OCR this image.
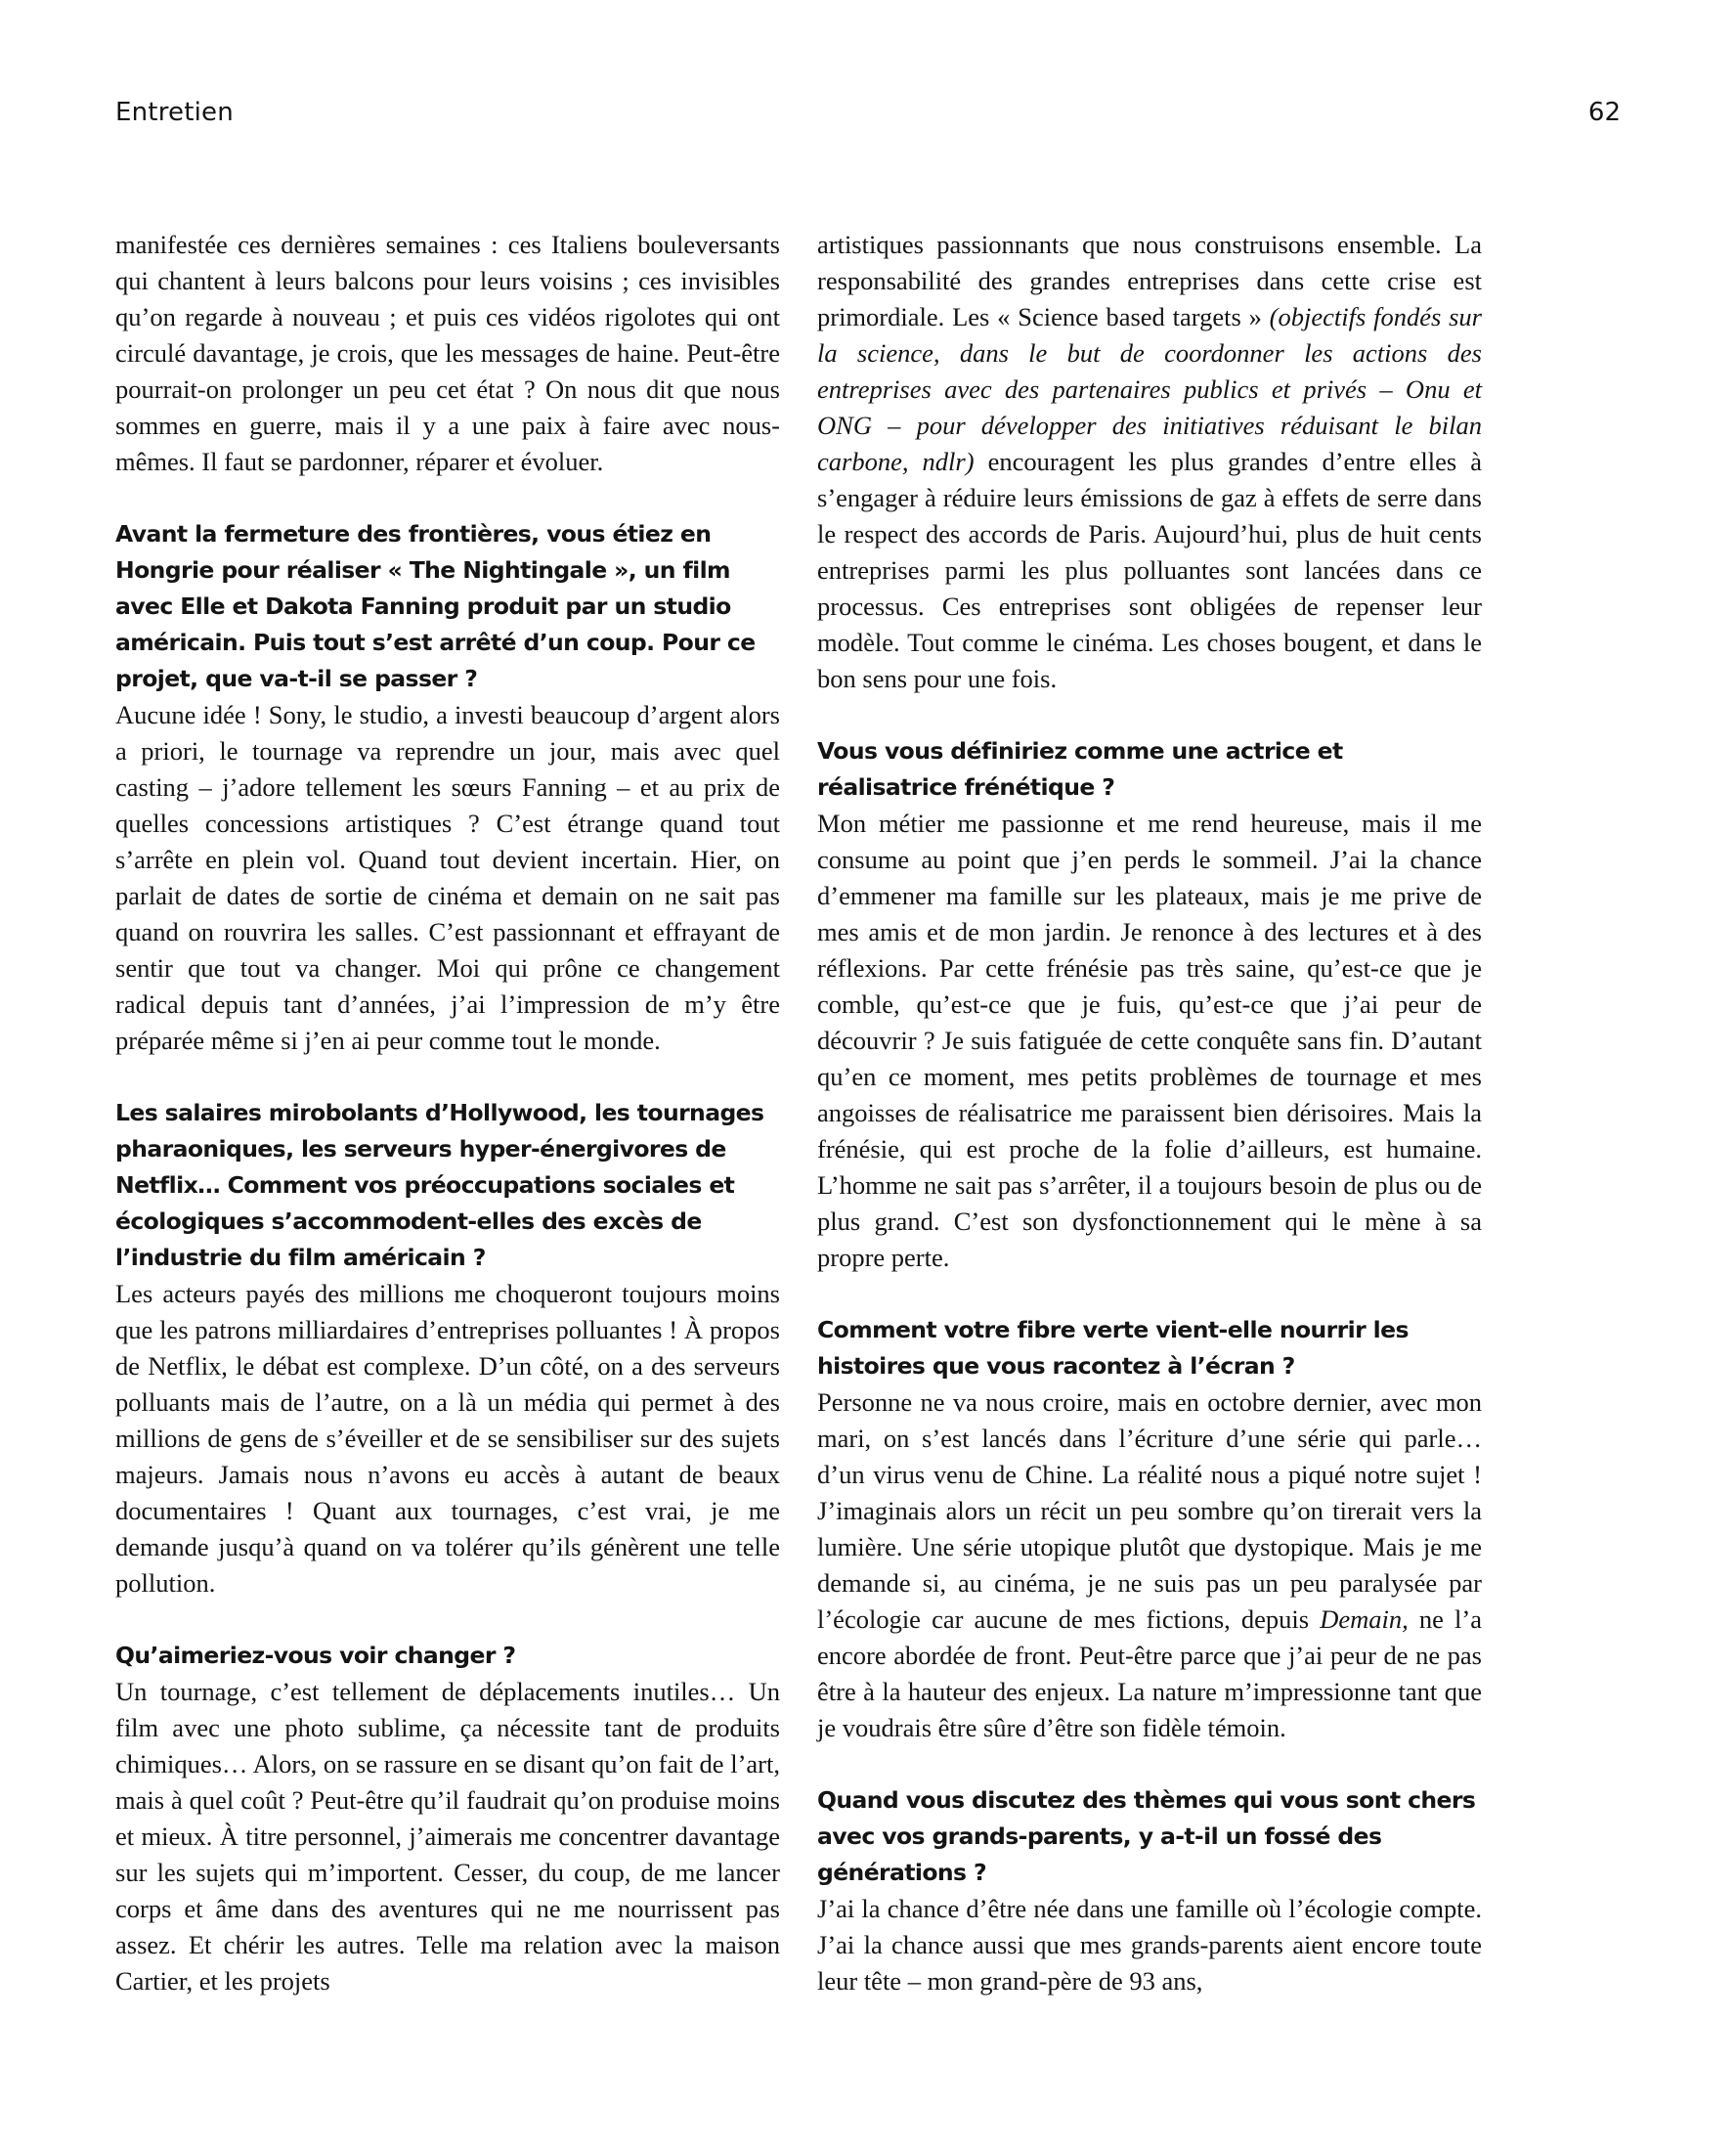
Entretien	62

manifestée ces dernières semaines : ces Italiens bouleversants qui chantent à leurs balcons pour leurs voisins ; ces invisibles qu’on regarde à nouveau ; et puis ces vidéos rigolotes qui ont circulé davantage, je crois, que les messages de haine. Peut-être pourrait-on prolonger un peu cet état ? On nous dit que nous sommes en guerre, mais il y a une paix à faire avec nous-mêmes. Il faut se pardonner, réparer et évoluer.

Avant la fermeture des frontières, vous étiez en Hongrie pour réaliser « The Nightingale », un film avec Elle et Dakota Fanning produit par un studio américain. Puis tout s’est arrêté d’un coup. Pour ce projet, que va-t-il se passer ?

Aucune idée ! Sony, le studio, a investi beaucoup d’argent alors a priori, le tournage va reprendre un jour, mais avec quel casting – j’adore tellement les sœurs Fanning – et au prix de quelles concessions artistiques ? C’est étrange quand tout s’arrête en plein vol. Quand tout devient incertain. Hier, on parlait de dates de sortie de cinéma et demain on ne sait pas quand on rouvrira les salles. C’est passionnant et effrayant de sentir que tout va changer. Moi qui prône ce changement radical depuis tant d’années, j’ai l’impression de m’y être préparée même si j’en ai peur comme tout le monde.

Les salaires mirobolants d’Hollywood, les tournages pharaoniques, les serveurs hyper-énergivores de Netflix… Comment vos préoccupations sociales et écologiques s’accommodent-elles des excès de l’industrie du film américain ?

Les acteurs payés des millions me choqueront toujours moins que les patrons milliardaires d’entreprises polluantes ! À propos de Netflix, le débat est complexe. D’un côté, on a des serveurs polluants mais de l’autre, on a là un média qui permet à des millions de gens de s’éveiller et de se sensibiliser sur des sujets majeurs. Jamais nous n’avons eu accès à autant de beaux documentaires ! Quant aux tournages, c’est vrai, je me demande jusqu’à quand on va tolérer qu’ils génèrent une telle pollution.

Qu’aimeriez-vous voir changer ?

Un tournage, c’est tellement de déplacements inutiles… Un film avec une photo sublime, ça nécessite tant de produits chimiques… Alors, on se rassure en se disant qu’on fait de l’art, mais à quel coût ? Peut-être qu’il faudrait qu’on produise moins et mieux. À titre personnel, j’aimerais me concentrer davantage sur les sujets qui m’importent. Cesser, du coup, de me lancer corps et âme dans des aventures qui ne me nourrissent pas assez. Et chérir les autres. Telle ma relation avec la maison Cartier, et les projets

artistiques passionnants que nous construisons ensemble. La responsabilité des grandes entreprises dans cette crise est primordiale. Les « Science based targets » (objectifs fondés sur la science, dans le but de coordonner les actions des entreprises avec des partenaires publics et privés – Onu et ONG – pour développer des initiatives réduisant le bilan carbone, ndlr) encouragent les plus grandes d’entre elles à s’engager à réduire leurs émissions de gaz à effets de serre dans le respect des accords de Paris. Aujourd’hui, plus de huit cents entreprises parmi les plus polluantes sont lancées dans ce processus. Ces entreprises sont obligées de repenser leur modèle. Tout comme le cinéma. Les choses bougent, et dans le bon sens pour une fois.

Vous vous définiriez comme une actrice et réalisatrice frénétique ?

Mon métier me passionne et me rend heureuse, mais il me consume au point que j’en perds le sommeil. J’ai la chance d’emmener ma famille sur les plateaux, mais je me prive de mes amis et de mon jardin. Je renonce à des lectures et à des réflexions. Par cette frénésie pas très saine, qu’est-ce que je comble, qu’est-ce que je fuis, qu’est-ce que j’ai peur de découvrir ? Je suis fatiguée de cette conquête sans fin. D’autant qu’en ce moment, mes petits problèmes de tournage et mes angoisses de réalisatrice me paraissent bien dérisoires. Mais la frénésie, qui est proche de la folie d’ailleurs, est humaine. L’homme ne sait pas s’arrêter, il a toujours besoin de plus ou de plus grand. C’est son dysfonctionnement qui le mène à sa propre perte.

Comment votre fibre verte vient-elle nourrir les histoires que vous racontez à l’écran ?

Personne ne va nous croire, mais en octobre dernier, avec mon mari, on s’est lancés dans l’écriture d’une série qui parle… d’un virus venu de Chine. La réalité nous a piqué notre sujet ! J’imaginais alors un récit un peu sombre qu’on tirerait vers la lumière. Une série utopique plutôt que dystopique. Mais je me demande si, au cinéma, je ne suis pas un peu paralysée par l’écologie car aucune de mes fictions, depuis Demain, ne l’a encore abordée de front. Peut-être parce que j’ai peur de ne pas être à la hauteur des enjeux. La nature m’impressionne tant que je voudrais être sûre d’être son fidèle témoin.

Quand vous discutez des thèmes qui vous sont chers avec vos grands-parents, y a-t-il un fossé des générations ?

J’ai la chance d’être née dans une famille où l’écologie compte. J’ai la chance aussi que mes grands-parents aient encore toute leur tête – mon grand-père de 93 ans,
